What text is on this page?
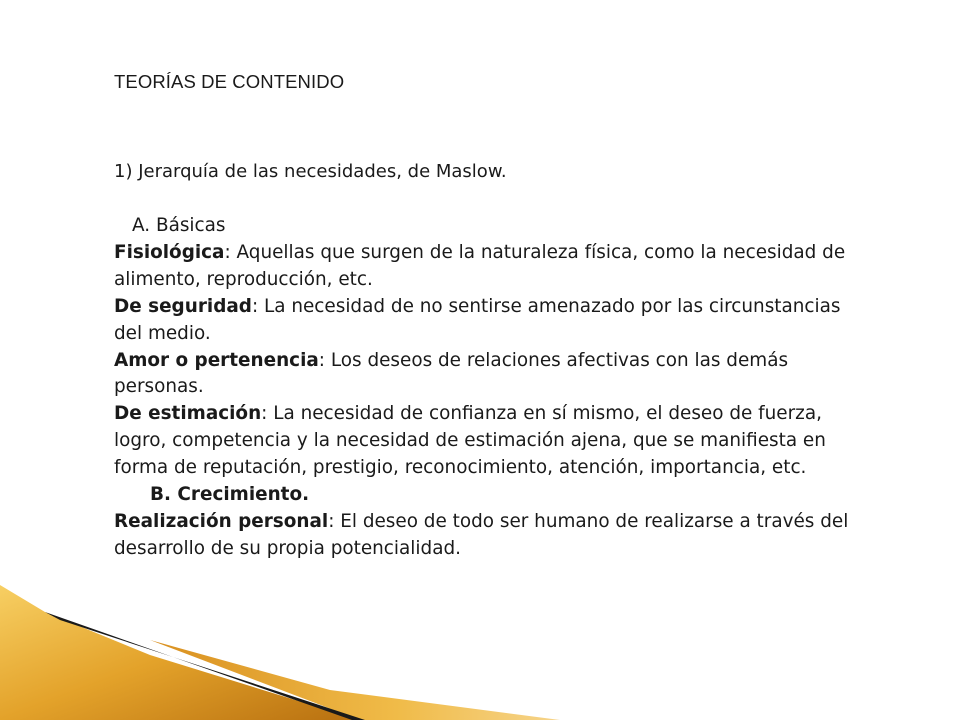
TEORÍAS DE CONTENIDO
1) Jerarquía de las necesidades, de Maslow.

A. Básicas

Fisiológica: Aquellas que surgen de la naturaleza física, como la necesidad de alimento, reproducción, etc.

De seguridad: La necesidad de no sentirse amenazado por las circunstancias del medio.

Amor o pertenencia: Los deseos de relaciones afectivas con las demás personas.

De estimación: La necesidad de confianza en sí mismo, el deseo de fuerza, logro, competencia y la necesidad de estimación ajena, que se manifiesta en forma de reputación, prestigio, reconocimiento, atención, importancia, etc.

B. Crecimiento.

Realización personal: El deseo de todo ser humano de realizarse a través del desarrollo de su propia potencialidad.
